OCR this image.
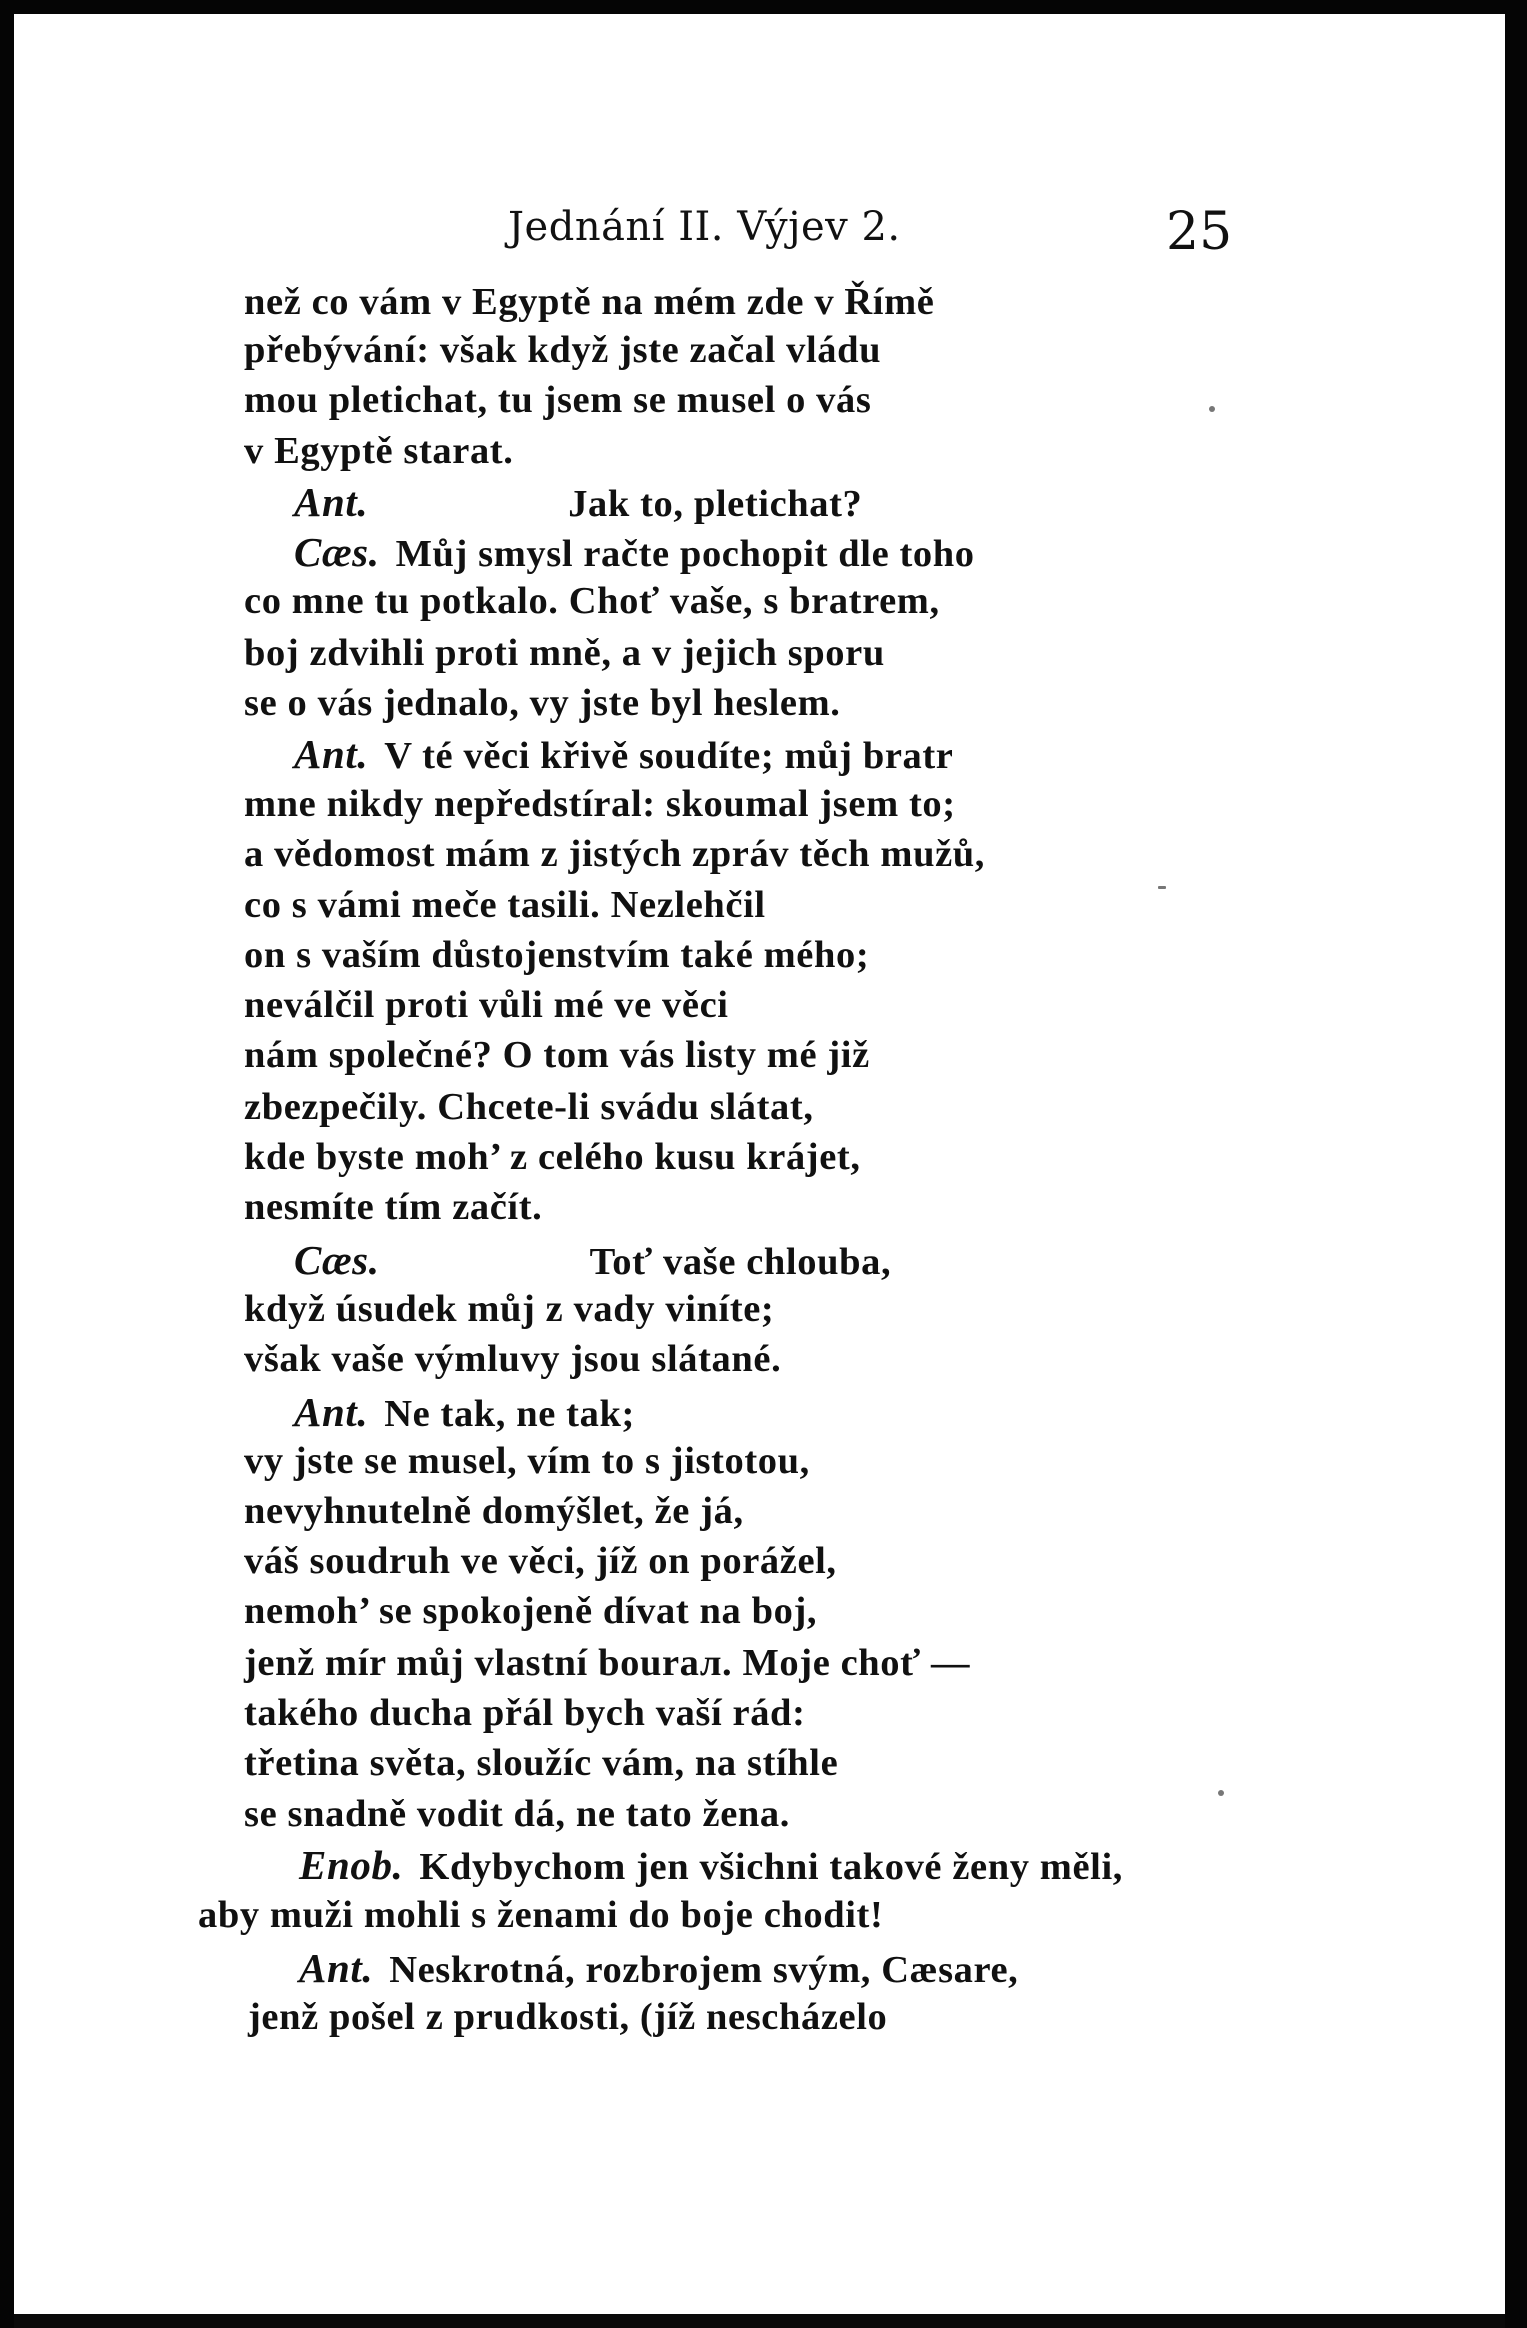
Jednání II. Výjev 2.	25
než co vám v Egyptě na mém zde v Římě
přebývání: však když jste začal vládu
mou pletichat, tu jsem se musel o vás
v Egyptě starat.
Ant.	Jak to, pletichat?
Cæs. Můj smysl račte pochopit dle toho
co mne tu potkalo. Choť vaše, s bratrem,
boj zdvihli proti mně, a v jejich sporu
se o vás jednalo, vy jste byl heslem.
Ant. V té věci křivě soudíte; můj bratr
mne nikdy nepředstíral: skoumal jsem to;
a vědomost mám z jistých zpráv těch mužů,
co s vámi meče tasili. Nezlehčil
on s vaším důstojenstvím také mého;
neválčil proti vůli mé ve věci
nám společné? O tom vás listy mé již
zbezpečily. Chcete-li svádu slátat,
kde byste moh’ z celého kusu krájet,
nesmíte tím začít.
Cæs.	Toť vaše chlouba,
když úsudek můj z vady viníte;
však vaše výmluvy jsou slátané.
Ant. Ne tak, ne tak;
vy jste se musel, vím to s jistotou,
nevyhnutelně domýšlet, že já,
váš soudruh ve věci, jíž on porážel,
nemoh’ se spokojeně dívat na boj,
jenž mír můj vlastní bourал. Moje choť —
takého ducha přál bych vaší rád:
třetina světa, sloužíc vám, na stíhle
se snadně vodit dá, ne tato žena.
Enob. Kdybychom jen všichni takové ženy měli,
aby muži mohli s ženami do boje chodit!
Ant. Neskrotná, rozbrojem svým, Cæsare,
jenž pošel z prudkosti, (jíž nescházelo
